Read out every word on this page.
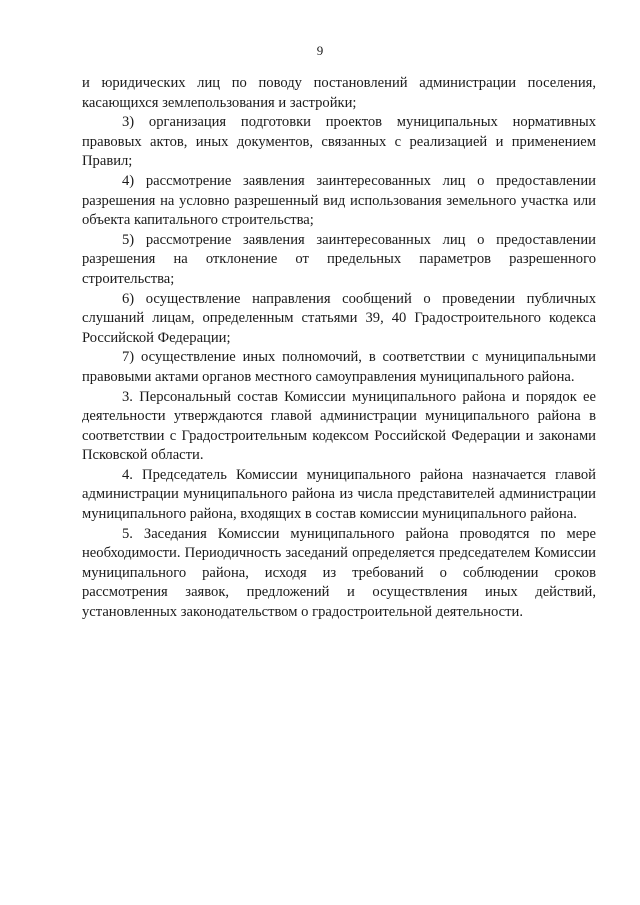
9

и юридических лиц по поводу постановлений администрации поселения, касающихся землепользования и застройки;

3) организация подготовки проектов муниципальных нормативных правовых актов, иных документов, связанных с реализацией и применением Правил;

4) рассмотрение заявления заинтересованных лиц о предоставлении разрешения на условно разрешенный вид использования земельного участка или объекта капитального строительства;

5) рассмотрение заявления заинтересованных лиц о предоставлении разрешения на отклонение от предельных параметров разрешенного строительства;

6) осуществление направления сообщений о проведении публичных слушаний лицам, определенным статьями 39, 40 Градостроительного кодекса Российской Федерации;

7) осуществление иных полномочий, в соответствии с муниципальными правовыми актами органов местного самоуправления муниципального района.

3. Персональный состав Комиссии муниципального района и порядок ее деятельности утверждаются главой администрации муниципального района в соответствии с Градостроительным кодексом Российской Федерации и законами Псковской области.

4. Председатель Комиссии муниципального района назначается главой администрации муниципального района из числа представителей администрации муниципального района, входящих в состав комиссии муниципального района.

5. Заседания Комиссии муниципального района проводятся по мере необходимости. Периодичность заседаний определяется председателем Комиссии муниципального района, исходя из требований о соблюдении сроков рассмотрения заявок, предложений и осуществления иных действий, установленных законодательством о градостроительной деятельности.
